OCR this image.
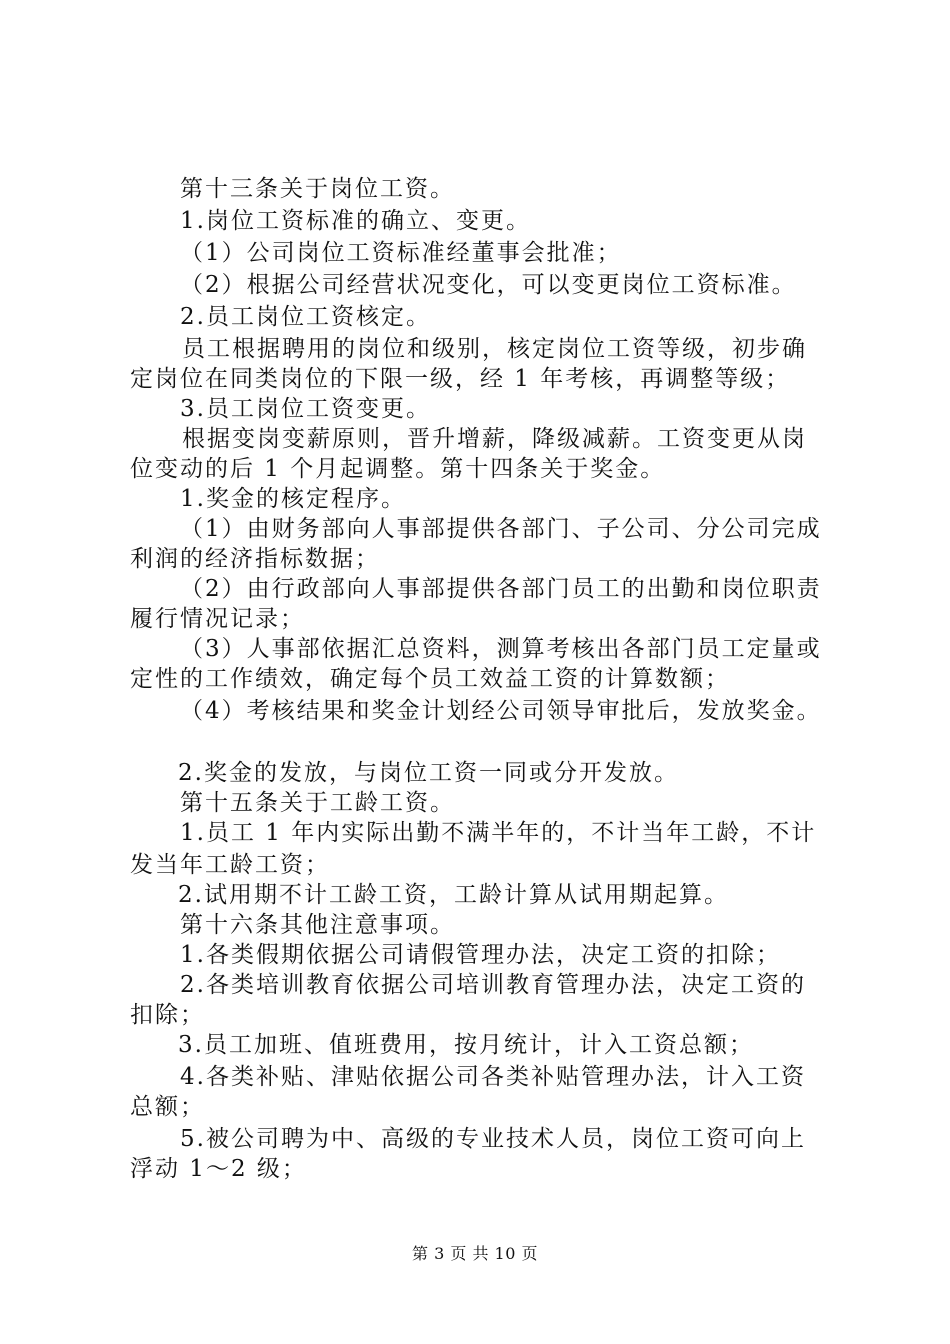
第十三条关于岗位工资。

1.岗位工资标准的确立、变更。

（1）公司岗位工资标准经董事会批准；

（2）根据公司经营状况变化，可以变更岗位工资标准。

2.员工岗位工资核定。

员工根据聘用的岗位和级别，核定岗位工资等级，初步确

定岗位在同类岗位的下限一级，经 1 年考核，再调整等级；

3.员工岗位工资变更。

根据变岗变薪原则，晋升增薪，降级减薪。工资变更从岗

位变动的后 1 个月起调整。第十四条关于奖金。

1.奖金的核定程序。

（1）由财务部向人事部提供各部门、子公司、分公司完成

利润的经济指标数据；

（2）由行政部向人事部提供各部门员工的出勤和岗位职责

履行情况记录；

（3）人事部依据汇总资料，测算考核出各部门员工定量或

定性的工作绩效，确定每个员工效益工资的计算数额；

（4）考核结果和奖金计划经公司领导审批后，发放奖金。

2.奖金的发放，与岗位工资一同或分开发放。

第十五条关于工龄工资。

1.员工 1 年内实际出勤不满半年的，不计当年工龄，不计

发当年工龄工资；

2.试用期不计工龄工资，工龄计算从试用期起算。

第十六条其他注意事项。

1.各类假期依据公司请假管理办法，决定工资的扣除；

2.各类培训教育依据公司培训教育管理办法，决定工资的

扣除；

3.员工加班、值班费用，按月统计，计入工资总额；

4.各类补贴、津贴依据公司各类补贴管理办法，计入工资

总额；

5.被公司聘为中、高级的专业技术人员，岗位工资可向上

浮动 1～2 级；

第 3 页 共 10 页
